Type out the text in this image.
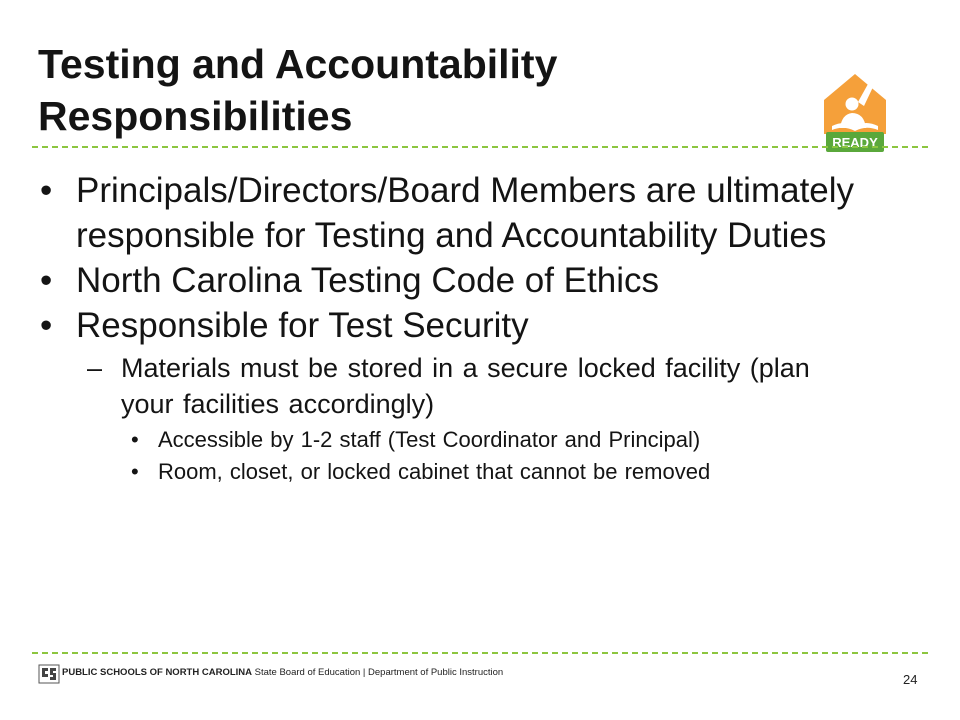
Testing and Accountability
Responsibilities
READY
• Principals/Directors/Board Members are ultimately responsible for Testing and Accountability Duties
• North Carolina Testing Code of Ethics
• Responsible for Test Security
– Materials must be stored in a secure locked facility (plan your facilities accordingly)
• Accessible by 1-2 staff (Test Coordinator and Principal)
• Room, closet, or locked cabinet that cannot be removed
PUBLIC SCHOOLS OF NORTH CAROLINA State Board of Education | Department of Public Instruction	24
